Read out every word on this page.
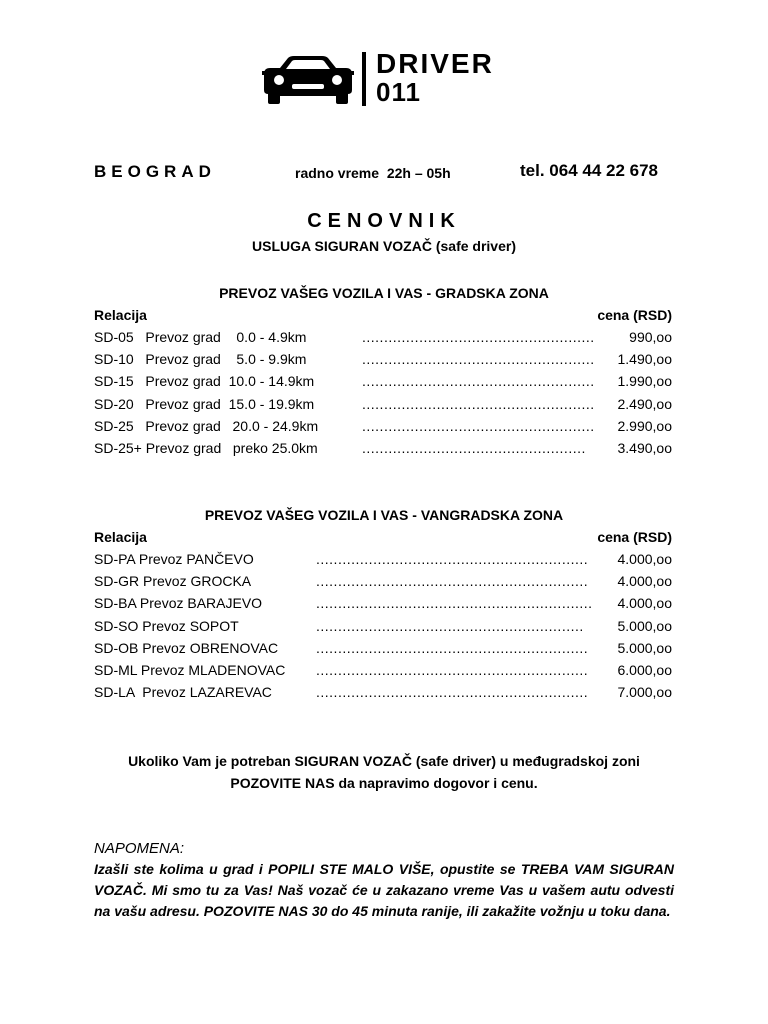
DRIVER
011
BEOGRAD	radno vreme  22h – 05h	tel. 064 44 22 678
CENOVNIK
USLUGA SIGURAN VOZAČ (safe driver)
PREVOZ VAŠEG VOZILA I VAS - GRADSKA ZONA
Relacija	cena (RSD)
SD-05   Prevoz grad    0.0 - 4.9km	.....................................................	990,oo
SD-10   Prevoz grad    5.0 - 9.9km	.....................................................	1.490,oo
SD-15   Prevoz grad  10.0 - 14.9km	.....................................................	1.990,oo
SD-20   Prevoz grad  15.0 - 19.9km	.....................................................	2.490,oo
SD-25   Prevoz grad   20.0 - 24.9km	.....................................................	2.990,oo
SD-25+ Prevoz grad   preko 25.0km	...................................................	3.490,oo
PREVOZ VAŠEG VOZILA I VAS - VANGRADSKA ZONA
Relacija	cena (RSD)
SD-PA Prevoz PANČEVO	..............................................................	4.000,oo
SD-GR Prevoz GROCKA	..............................................................	4.000,oo
SD-BA Prevoz BARAJEVO	...............................................................	4.000,oo
SD-SO Prevoz SOPOT	.............................................................	5.000,oo
SD-OB Prevoz OBRENOVAC	..............................................................	5.000,oo
SD-ML Prevoz MLADENOVAC ..............................................................	6.000,oo
SD-LA  Prevoz LAZAREVAC	..............................................................	7.000,oo
Ukoliko Vam je potreban SIGURAN VOZAČ (safe driver) u međugradskoj zoni
POZOVITE NAS da napravimo dogovor i cenu.
NAPOMENA:
Izašli ste kolima u grad i POPILI STE MALO VIŠE, opustite se TREBA VAM SIGURAN VOZAČ. Mi smo tu za Vas! Naš vozač će u zakazano vreme Vas u vašem autu odvesti na vašu adresu. POZOVITE NAS 30 do 45 minuta ranije, ili zakažite vožnju u toku dana.
